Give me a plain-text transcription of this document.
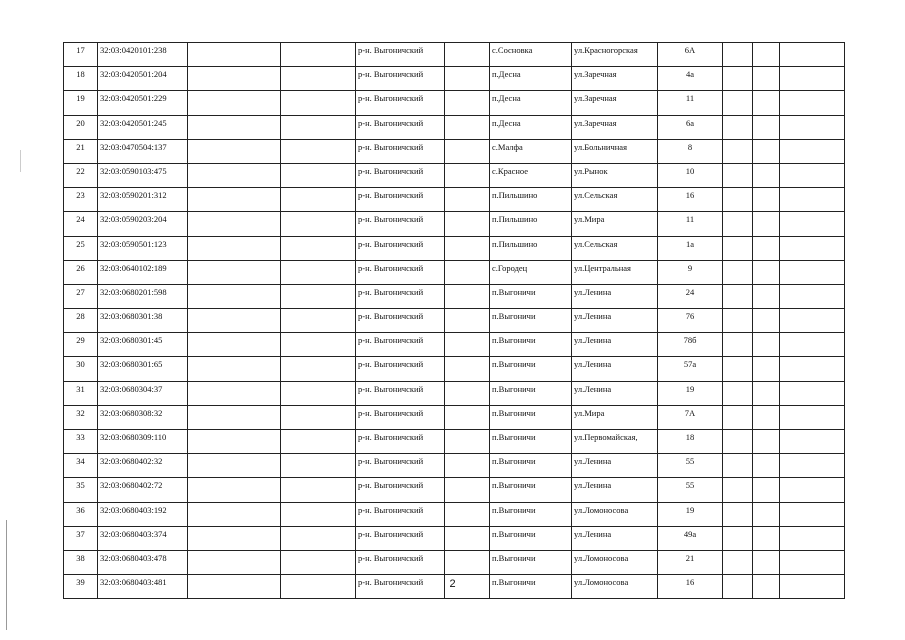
17	32:03:0420101:238			р-н. Выгоничский		с.Сосновка	ул.Красногорская	6А			
18	32:03:0420501:204			р-н. Выгоничский		п.Десна	ул.Заречная	4а			
19	32:03:0420501:229			р-н. Выгоничский		п.Десна	ул.Заречная	11			
20	32:03:0420501:245			р-н. Выгоничский		п.Десна	ул.Заречная	6а			
21	32:03:0470504:137			р-н. Выгоничский		с.Малфа	ул.Больничная	8			
22	32:03:0590103:475			р-н. Выгоничский		с.Красное	ул.Рынок	10			
23	32:03:0590201:312			р-н. Выгоничский		п.Пильшино	ул.Сельская	16			
24	32:03:0590203:204			р-н. Выгоничский		п.Пильшино	ул.Мира	11			
25	32:03:0590501:123			р-н. Выгоничский		п.Пильшино	ул.Сельская	1а			
26	32:03:0640102:189			р-н. Выгоничский		с.Городец	ул.Центральная	9			
27	32:03:0680201:598			р-н. Выгоничский		п.Выгоничи	ул.Ленина	24			
28	32:03:0680301:38			р-н. Выгоничский		п.Выгоничи	ул.Ленина	76			
29	32:03:0680301:45			р-н. Выгоничский		п.Выгоничи	ул.Ленина	78б			
30	32:03:0680301:65			р-н. Выгоничский		п.Выгоничи	ул.Ленина	57а			
31	32:03:0680304:37			р-н. Выгоничский		п.Выгоничи	ул.Ленина	19			
32	32:03:0680308:32			р-н. Выгоничский		п.Выгоничи	ул.Мира	7А			
33	32:03:0680309:110			р-н. Выгоничский		п.Выгоничи	ул.Первомайская,	18			
34	32:03:0680402:32			р-н. Выгоничский		п.Выгоничи	ул.Ленина	55			
35	32:03:0680402:72			р-н. Выгоничский		п.Выгоничи	ул.Ленина	55			
36	32:03:0680403:192			р-н. Выгоничский		п.Выгоничи	ул.Ломоносова	19			
37	32:03:0680403:374			р-н. Выгоничский		п.Выгоничи	ул.Ленина	49а			
38	32:03:0680403:478			р-н. Выгоничский		п.Выгоничи	ул.Ломоносова	21			
39	32:03:0680403:481			р-н. Выгоничский		п.Выгоничи	ул.Ломоносова	16			
2
